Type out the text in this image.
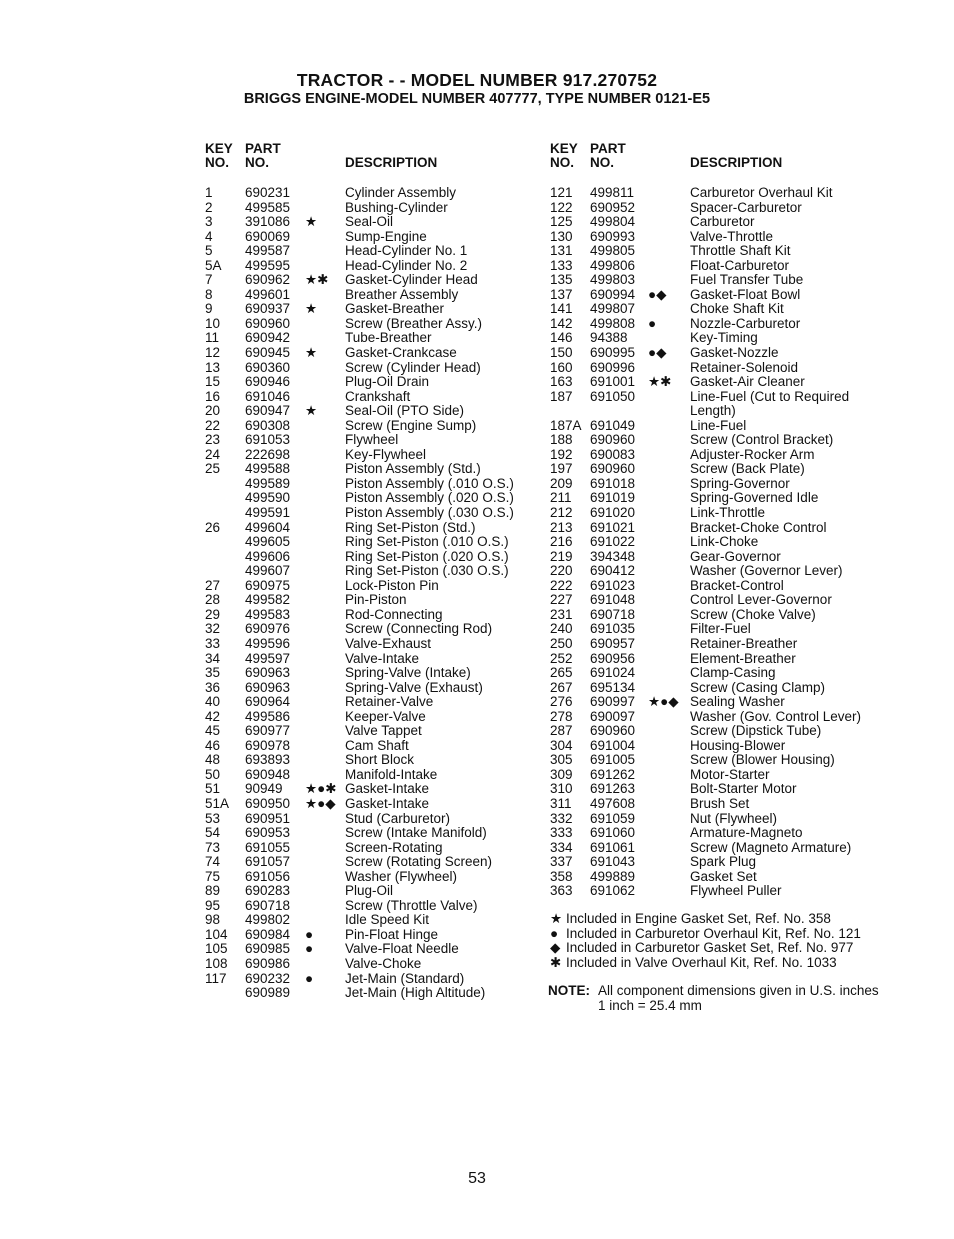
TRACTOR - - MODEL NUMBER 917.270752
BRIGGS ENGINE-MODEL NUMBER 407777, TYPE NUMBER 0121-E5
KEY
NO.
PART
NO.	DESCRIPTION
1 690231	Cylinder Assembly
2 499585	Bushing-Cylinder
3 391086 ★ Seal-Oil
4 690069	Sump-Engine
5 499587	Head-Cylinder No. 1
5A 499595	Head-Cylinder No. 2
7 690962 ★✱ Gasket-Cylinder Head
8 499601	Breather Assembly
9 690937 ★ Gasket-Breather
10 690960	Screw (Breather Assy.)
11 690942	Tube-Breather
12 690945 ★ Gasket-Crankcase
13 690360	Screw (Cylinder Head)
15 690946	Plug-Oil Drain
16 691046	Crankshaft
20 690947 ★ Seal-Oil (PTO Side)
22 690308	Screw (Engine Sump)
23 691053	Flywheel
24 222698	Key-Flywheel
25 499588	Piston Assembly (Std.)
499589	Piston Assembly (.010 O.S.)
499590	Piston Assembly (.020 O.S.)
499591	Piston Assembly (.030 O.S.)
26 499604	Ring Set-Piston (Std.)
499605	Ring Set-Piston (.010 O.S.)
499606	Ring Set-Piston (.020 O.S.)
499607	Ring Set-Piston (.030 O.S.)
27 690975	Lock-Piston Pin
28 499582	Pin-Piston
29 499583	Rod-Connecting
32 690976	Screw (Connecting Rod)
33 499596	Valve-Exhaust
34 499597	Valve-Intake
35 690963	Spring-Valve (Intake)
36 690963	Spring-Valve (Exhaust)
40 690964	Retainer-Valve
42 499586	Keeper-Valve
45 690977	Valve Tappet
46 690978	Cam Shaft
48 693893	Short Block
50 690948	Manifold-Intake
51 90949 ★●✱ Gasket-Intake
51A 690950 ★●◆ Gasket-Intake
53 690951	Stud (Carburetor)
54 690953	Screw (Intake Manifold)
73 691055	Screen-Rotating
74 691057	Screw (Rotating Screen)
75 691056	Washer (Flywheel)
89 690283	Plug-Oil
95 690718	Screw (Throttle Valve)
98 499802	Idle Speed Kit
104 690984 ● Pin-Float Hinge
105 690985 ● Valve-Float Needle
108 690986	Valve-Choke
117 690232 ● Jet-Main (Standard)
690989	Jet-Main (High Altitude)
KEY
NO.
PART
NO.	DESCRIPTION
121 499811	Carburetor Overhaul Kit
122 690952	Spacer-Carburetor
125 499804	Carburetor
130 690993	Valve-Throttle
131 499805	Throttle Shaft Kit
133 499806	Float-Carburetor
135 499803	Fuel Transfer Tube
137 690994 ●◆ Gasket-Float Bowl
141 499807	Choke Shaft Kit
142 499808 ●	Nozzle-Carburetor
146 94388	Key-Timing
150 690995 ●◆ Gasket-Nozzle
160 690996	Retainer-Solenoid
163 691001 ★✱ Gasket-Air Cleaner
187 691050	Line-Fuel (Cut to Required
Length)
187A 691049	Line-Fuel
188 690960	Screw (Control Bracket)
192 690083	Adjuster-Rocker Arm
197 690960	Screw (Back Plate)
209 691018	Spring-Governor
211 691019	Spring-Governed Idle
212 691020	Link-Throttle
213 691021	Bracket-Choke Control
216 691022	Link-Choke
219 394348	Gear-Governor
220 690412	Washer (Governor Lever)
222 691023	Bracket-Control
227 691048	Control Lever-Governor
231 690718	Screw (Choke Valve)
240 691035	Filter-Fuel
250 690957	Retainer-Breather
252 690956	Element-Breather
265 691024	Clamp-Casing
267 695134	Screw (Casing Clamp)
276 690997 ★●◆ Sealing Washer
278 690097	Washer (Gov. Control Lever)
287 690960	Screw (Dipstick Tube)
304 691004	Housing-Blower
305 691005	Screw (Blower Housing)
309 691262	Motor-Starter
310 691263	Bolt-Starter Motor
311 497608	Brush Set
332 691059	Nut (Flywheel)
333 691060	Armature-Magneto
334 691061	Screw (Magneto Armature)
337 691043	Spark Plug
358 499889	Gasket Set
363 691062	Flywheel Puller
★ Included in Engine Gasket Set, Ref. No. 358
● Included in Carburetor Overhaul Kit, Ref. No. 121
◆ Included in Carburetor Gasket Set, Ref. No. 977
✱ Included in Valve Overhaul Kit, Ref. No. 1033
NOTE: All component dimensions given in U.S. inches 1 inch = 25.4 mm
53
